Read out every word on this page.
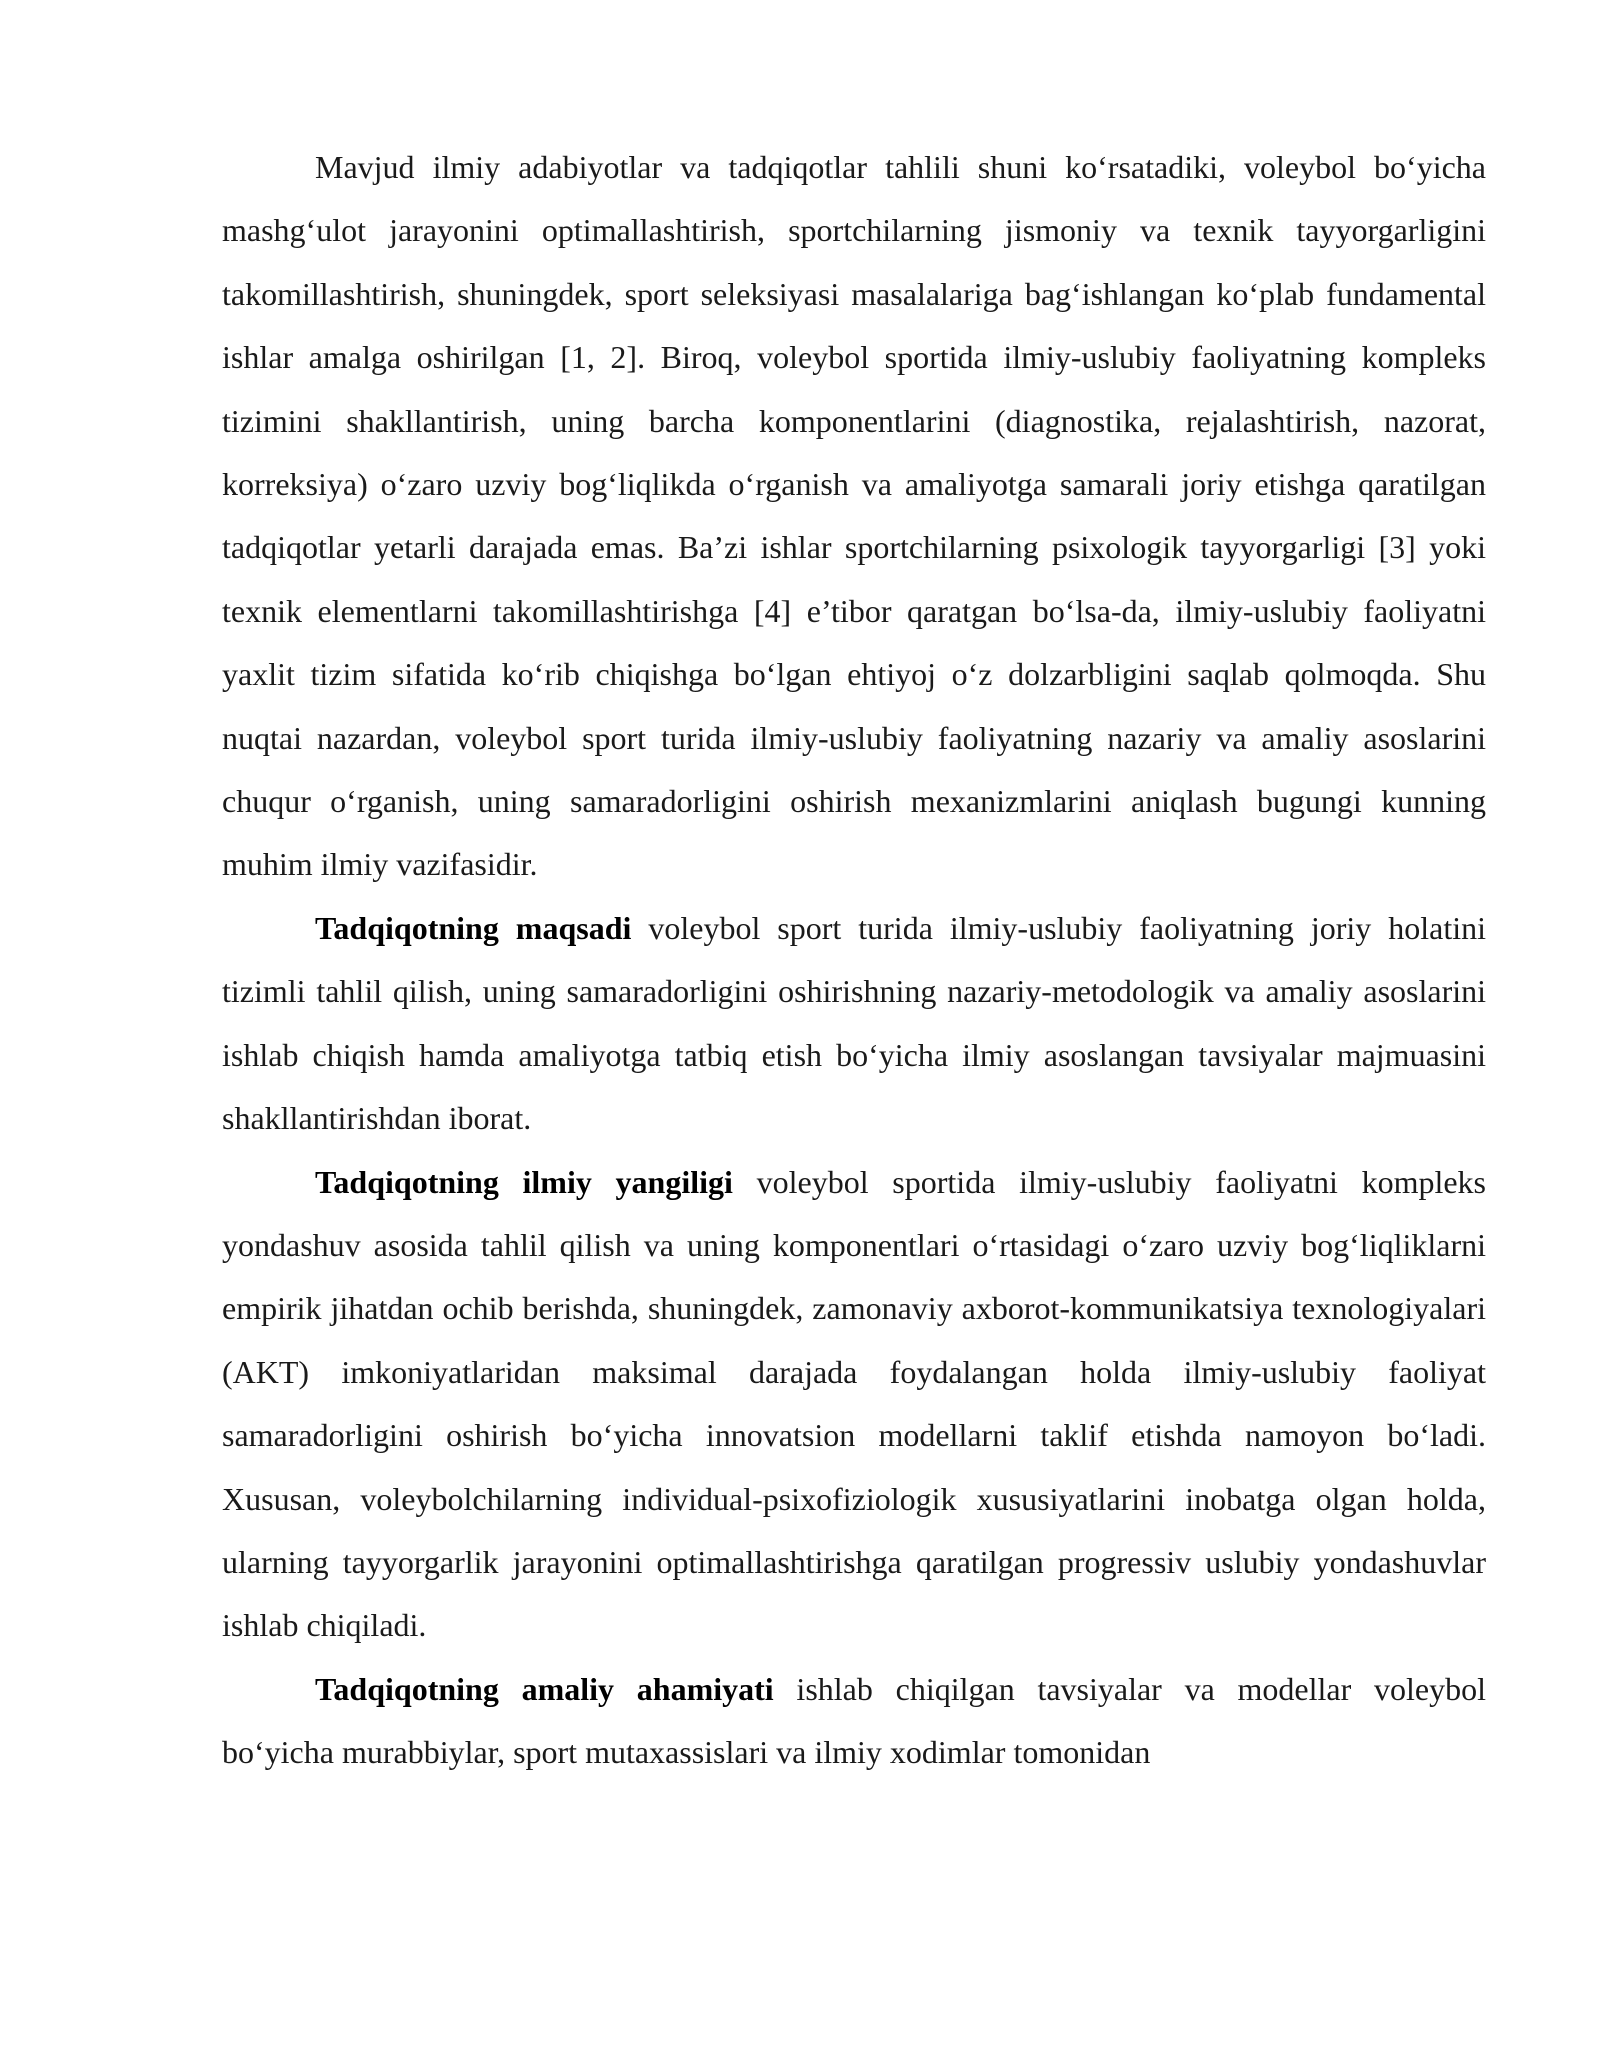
Mavjud ilmiy adabiyotlar va tadqiqotlar tahlili shuni koʻrsatadiki, voleybol boʻyicha mashgʻulot jarayonini optimallashtirish, sportchilarning jismoniy va texnik tayyorgarligini takomillashtirish, shuningdek, sport seleksiyasi masalalariga bagʻishlangan koʻplab fundamental ishlar amalga oshirilgan [1, 2]. Biroq, voleybol sportida ilmiy-uslubiy faoliyatning kompleks tizimini shakllantirish, uning barcha komponentlarini (diagnostika, rejalashtirish, nazorat, korreksiya) oʻzaro uzviy bogʻliqlikda oʻrganish va amaliyotga samarali joriy etishga qaratilgan tadqiqotlar yetarli darajada emas. Ba’zi ishlar sportchilarning psixologik tayyorgarligi [3] yoki texnik elementlarni takomillashtirishga [4] e’tibor qaratgan boʻlsa-da, ilmiy-uslubiy faoliyatni yaxlit tizim sifatida koʻrib chiqishga boʻlgan ehtiyoj oʻz dolzarbligini saqlab qolmoqda. Shu nuqtai nazardan, voleybol sport turida ilmiy-uslubiy faoliyatning nazariy va amaliy asoslarini chuqur oʻrganish, uning samaradorligini oshirish mexanizmlarini aniqlash bugungi kunning muhim ilmiy vazifasidir.

Tadqiqotning maqsadi voleybol sport turida ilmiy-uslubiy faoliyatning joriy holatini tizimli tahlil qilish, uning samaradorligini oshirishning nazariy-metodologik va amaliy asoslarini ishlab chiqish hamda amaliyotga tatbiq etish boʻyicha ilmiy asoslangan tavsiyalar majmuasini shakllantirishdan iborat.

Tadqiqotning ilmiy yangiligi voleybol sportida ilmiy-uslubiy faoliyatni kompleks yondashuv asosida tahlil qilish va uning komponentlari oʻrtasidagi oʻzaro uzviy bogʻliqliklarni empirik jihatdan ochib berishda, shuningdek, zamonaviy axborot-kommunikatsiya texnologiyalari (AKT) imkoniyatlaridan maksimal darajada foydalangan holda ilmiy-uslubiy faoliyat samaradorligini oshirish boʻyicha innovatsion modellarni taklif etishda namoyon boʻladi. Xususan, voleybolchilarning individual-psixofiziologik xususiyatlarini inobatga olgan holda, ularning tayyorgarlik jarayonini optimallashtirishga qaratilgan progressiv uslubiy yondashuvlar ishlab chiqiladi.

Tadqiqotning amaliy ahamiyati ishlab chiqilgan tavsiyalar va modellar voleybol boʻyicha murabbiylar, sport mutaxassislari va ilmiy xodimlar tomonidan
